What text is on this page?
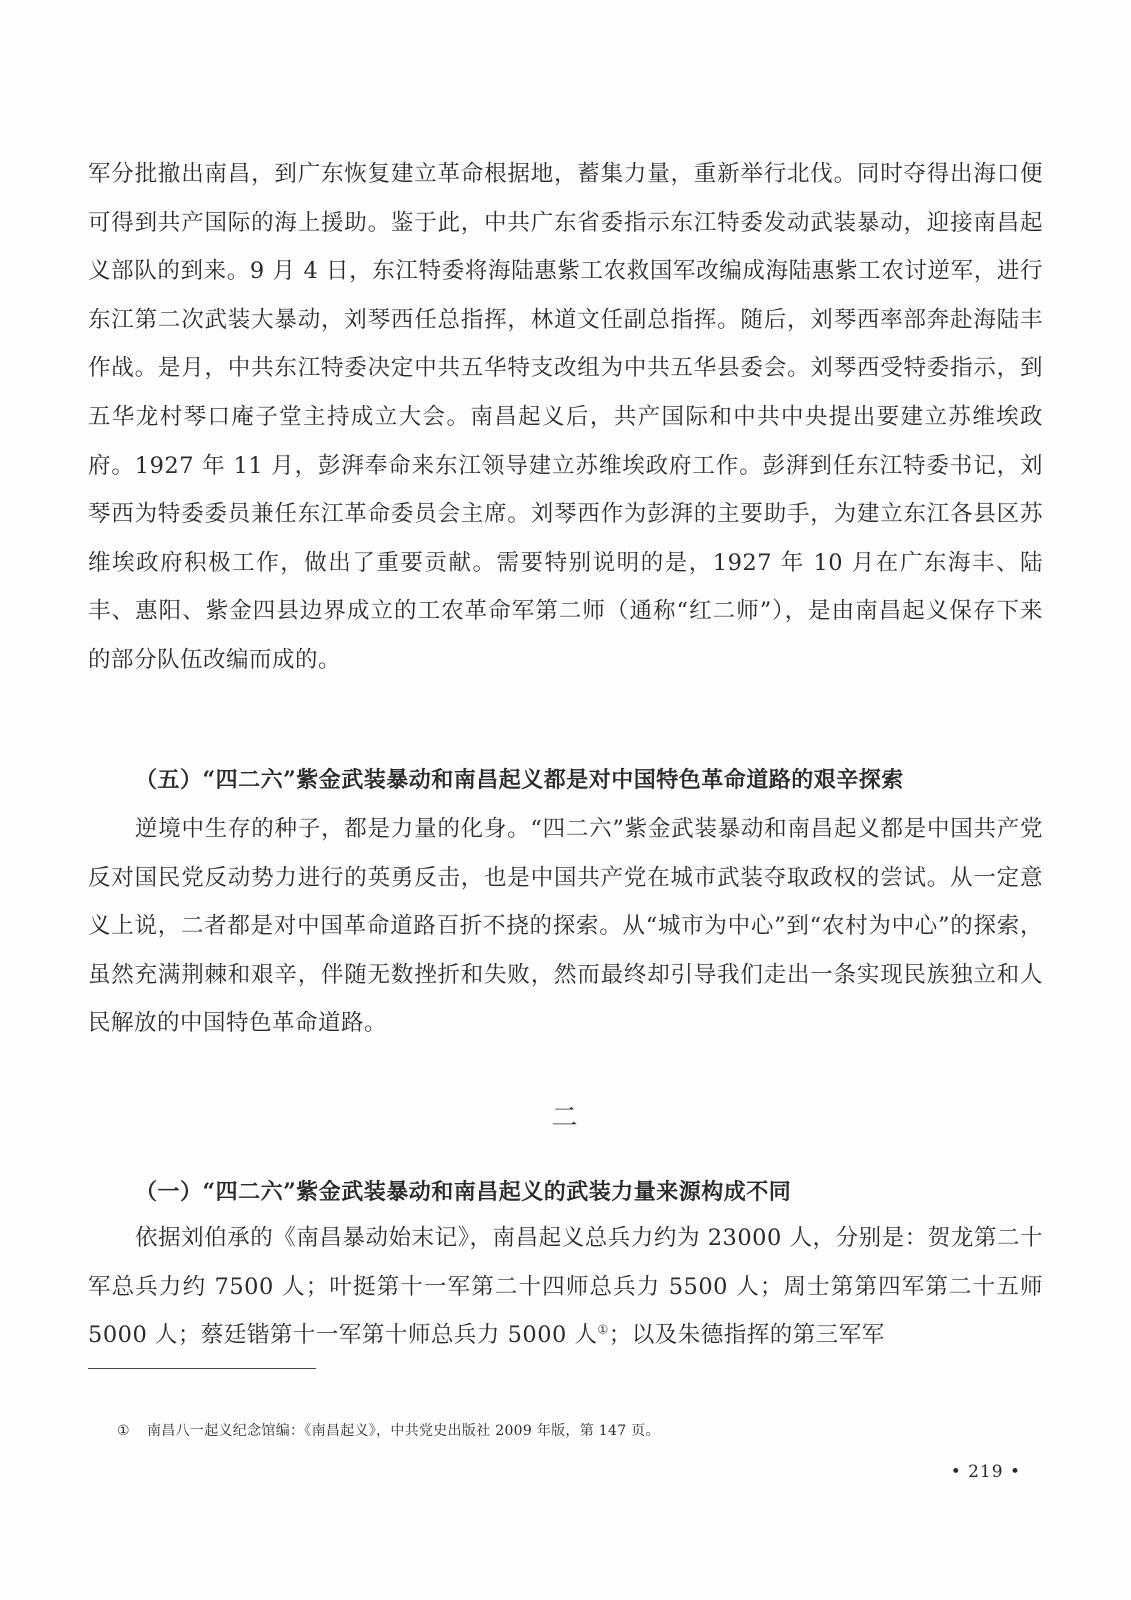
军分批撤出南昌，到广东恢复建立革命根据地，蓄集力量，重新举行北伐。同时夺得出海口便可得到共产国际的海上援助。鉴于此，中共广东省委指示东江特委发动武装暴动，迎接南昌起义部队的到来。9 月 4 日，东江特委将海陆惠紫工农救国军改编成海陆惠紫工农讨逆军，进行东江第二次武装大暴动，刘琴西任总指挥，林道文任副总指挥。随后，刘琴西率部奔赴海陆丰作战。是月，中共东江特委决定中共五华特支改组为中共五华县委会。刘琴西受特委指示，到五华龙村琴口庵子堂主持成立大会。南昌起义后，共产国际和中共中央提出要建立苏维埃政府。1927 年 11 月，彭湃奉命来东江领导建立苏维埃政府工作。彭湃到任东江特委书记，刘琴西为特委委员兼任东江革命委员会主席。刘琴西作为彭湃的主要助手，为建立东江各县区苏维埃政府积极工作，做出了重要贡献。需要特别说明的是，1927 年 10 月在广东海丰、陆丰、惠阳、紫金四县边界成立的工农革命军第二师（通称“红二师”），是由南昌起义保存下来的部分队伍改编而成的。
（五）“四二六”紫金武装暴动和南昌起义都是对中国特色革命道路的艰辛探索
逆境中生存的种子，都是力量的化身。“四二六”紫金武装暴动和南昌起义都是中国共产党反对国民党反动势力进行的英勇反击，也是中国共产党在城市武装夺取政权的尝试。从一定意义上说，二者都是对中国革命道路百折不挠的探索。从“城市为中心”到“农村为中心”的探索，虽然充满荆棘和艰辛，伴随无数挫折和失败，然而最终却引导我们走出一条实现民族独立和人民解放的中国特色革命道路。
二
（一）“四二六”紫金武装暴动和南昌起义的武装力量来源构成不同
依据刘伯承的《南昌暴动始末记》，南昌起义总兵力约为 23000 人，分别是：贺龙第二十军总兵力约 7500 人；叶挺第十一军第二十四师总兵力 5500 人；周士第第四军第二十五师 5000 人；蔡廷锴第十一军第十师总兵力 5000 人①；以及朱德指挥的第三军军
① 南昌八一起义纪念馆编：《南昌起义》，中共党史出版社 2009 年版，第 147 页。
• 219 •
